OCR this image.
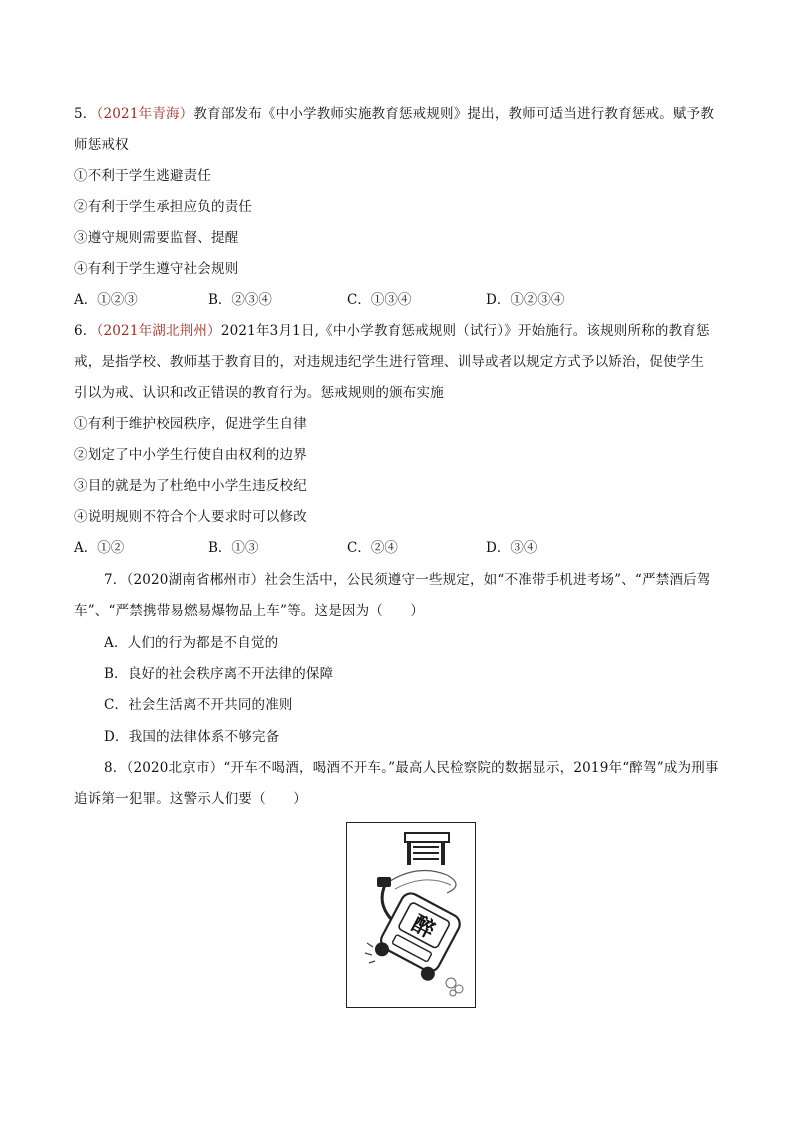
5．（2021年青海）教育部发布《中小学教师实施教育惩戒规则》提出，教师可适当进行教育惩戒。赋予教
师惩戒权
①不利于学生逃避责任
②有利于学生承担应负的责任
③遵守规则需要监督、提醒
④有利于学生遵守社会规则
A．①②③	B．②③④	C．①③④	D．①②③④
6．（2021年湖北荆州）2021年3月1日,《中小学教育惩戒规则（试行）》开始施行。该规则所称的教育惩
戒，是指学校、教师基于教育目的，对违规违纪学生进行管理、训导或者以规定方式予以矫治，促使学生
引以为戒、认识和改正错误的教育行为。惩戒规则的颁布实施
①有利于维护校园秩序，促进学生自律
②划定了中小学生行使自由权利的边界
③目的就是为了杜绝中小学生违反校纪
④说明规则不符合个人要求时可以修改
A．①②	B．①③	C．②④	D．③④
7．（2020湖南省郴州市）社会生活中，公民须遵守一些规定，如“不准带手机进考场”、“严禁酒后驾
车”、“严禁携带易燃易爆物品上车”等。这是因为（　　）
A．人们的行为都是不自觉的
B．良好的社会秩序离不开法律的保障
C．社会生活离不开共同的准则
D．我国的法律体系不够完备
8．（2020北京市）“开车不喝酒，喝酒不开车。”最高人民检察院的数据显示，2019年“醉驾”成为刑事
追诉第一犯罪。这警示人们要（　　）
醉
